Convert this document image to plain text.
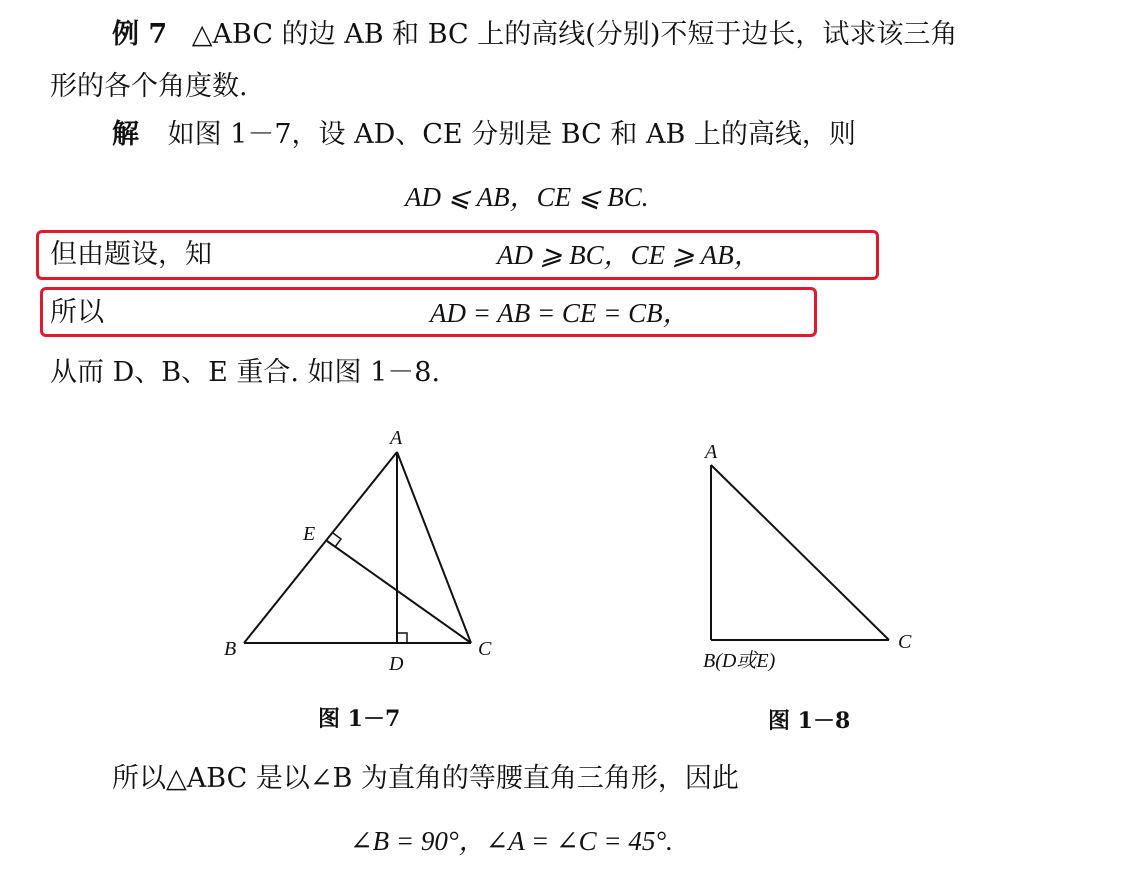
例 7 △ABC 的边 AB 和 BC 上的高线(分别)不短于边长，试求该三角
形的各个角度数.
解 如图 1－7，设 AD、CE 分别是 BC 和 AB 上的高线，则
AD ⩽ AB，CE ⩽ BC.
但由题设，知	AD ⩾ BC，CE ⩾ AB，
所以	AD = AB = CE = CB，
从而 D、B、E 重合. 如图 1－8.
A
B	C
D
E
A
C
B(D或E)
图 1－7	图 1－8
所以△ABC 是以∠B 为直角的等腰直角三角形，因此
∠B = 90°，∠A = ∠C = 45°.
